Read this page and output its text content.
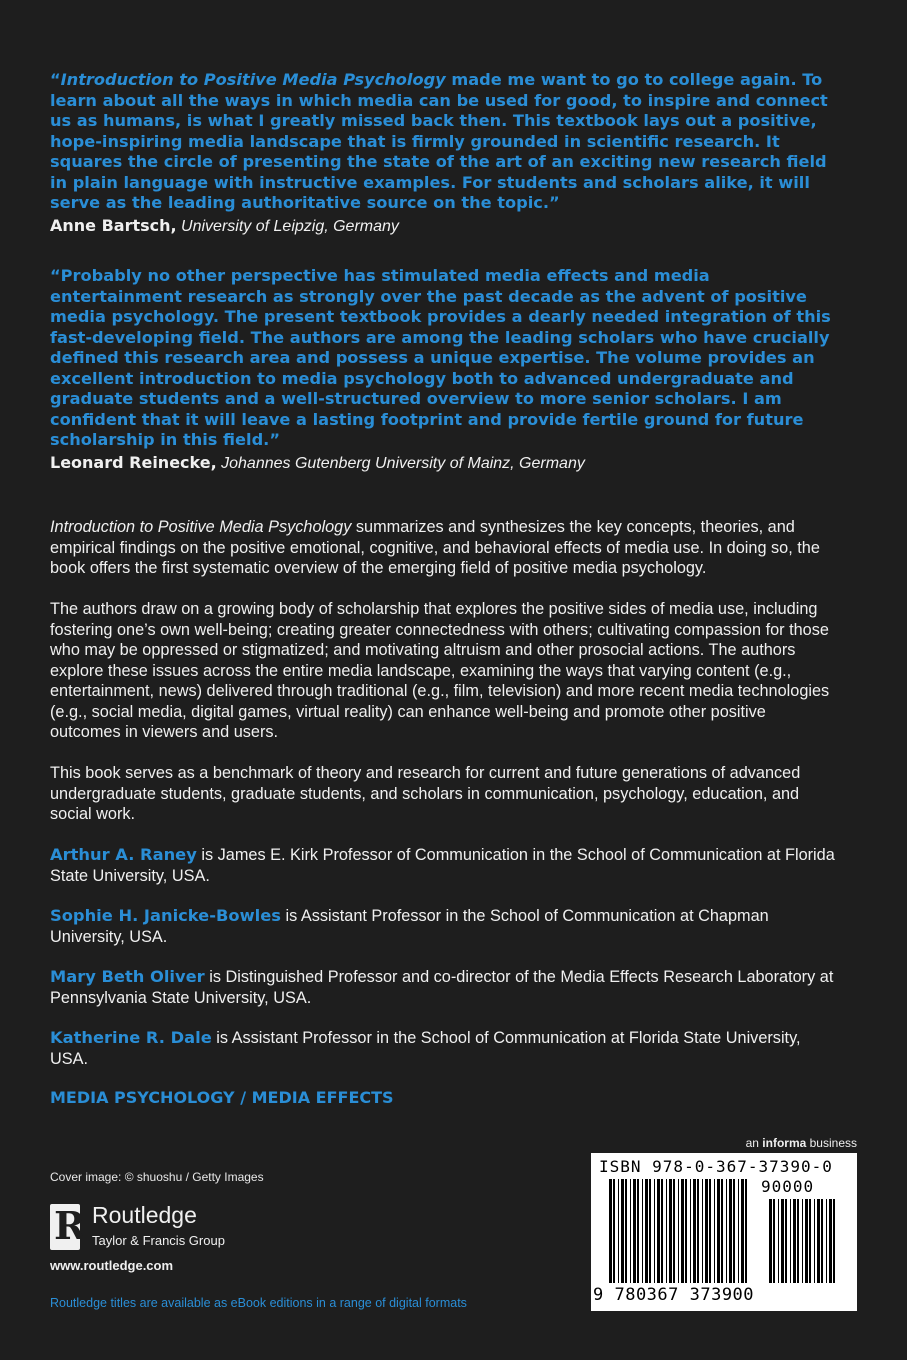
“Introduction to Positive Media Psychology made me want to go to college again. To learn about all the ways in which media can be used for good, to inspire and connect us as humans, is what I greatly missed back then. This textbook lays out a positive, hope-inspiring media landscape that is firmly grounded in scientific research. It squares the circle of presenting the state of the art of an exciting new research field in plain language with instructive examples. For students and scholars alike, it will serve as the leading authoritative source on the topic.”

Anne Bartsch, University of Leipzig, Germany

“Probably no other perspective has stimulated media effects and media entertainment research as strongly over the past decade as the advent of positive media psychology. The present textbook provides a dearly needed integration of this fast-developing field. The authors are among the leading scholars who have crucially defined this research area and possess a unique expertise. The volume provides an excellent introduction to media psychology both to advanced undergraduate and graduate students and a well-structured overview to more senior scholars. I am confident that it will leave a lasting footprint and provide fertile ground for future scholarship in this field.”

Leonard Reinecke, Johannes Gutenberg University of Mainz, Germany

Introduction to Positive Media Psychology summarizes and synthesizes the key concepts, theories, and empirical findings on the positive emotional, cognitive, and behavioral effects of media use. In doing so, the book offers the first systematic overview of the emerging field of positive media psychology.

The authors draw on a growing body of scholarship that explores the positive sides of media use, including fostering one’s own well-being; creating greater connectedness with others; cultivating compassion for those who may be oppressed or stigmatized; and motivating altruism and other prosocial actions. The authors explore these issues across the entire media landscape, examining the ways that varying content (e.g., entertainment, news) delivered through traditional (e.g., film, television) and more recent media technologies (e.g., social media, digital games, virtual reality) can enhance well-being and promote other positive outcomes in viewers and users.

This book serves as a benchmark of theory and research for current and future generations of advanced undergraduate students, graduate students, and scholars in communication, psychology, education, and social work.

Arthur A. Raney is James E. Kirk Professor of Communication in the School of Communication at Florida State University, USA.

Sophie H. Janicke-Bowles is Assistant Professor in the School of Communication at Chapman University, USA.

Mary Beth Oliver is Distinguished Professor and co-director of the Media Effects Research Laboratory at Pennsylvania State University, USA.

Katherine R. Dale is Assistant Professor in the School of Communication at Florida State University, USA.

MEDIA PSYCHOLOGY / MEDIA EFFECTS
an informa business

Cover image: © shuoshu / Getty Images

R Routledge
Taylor & Francis Group
www.routledge.com
Routledge titles are available as eBook editions in a range of digital formats
ISBN 978-0-367-37390-0
90000
9 780367 373900
